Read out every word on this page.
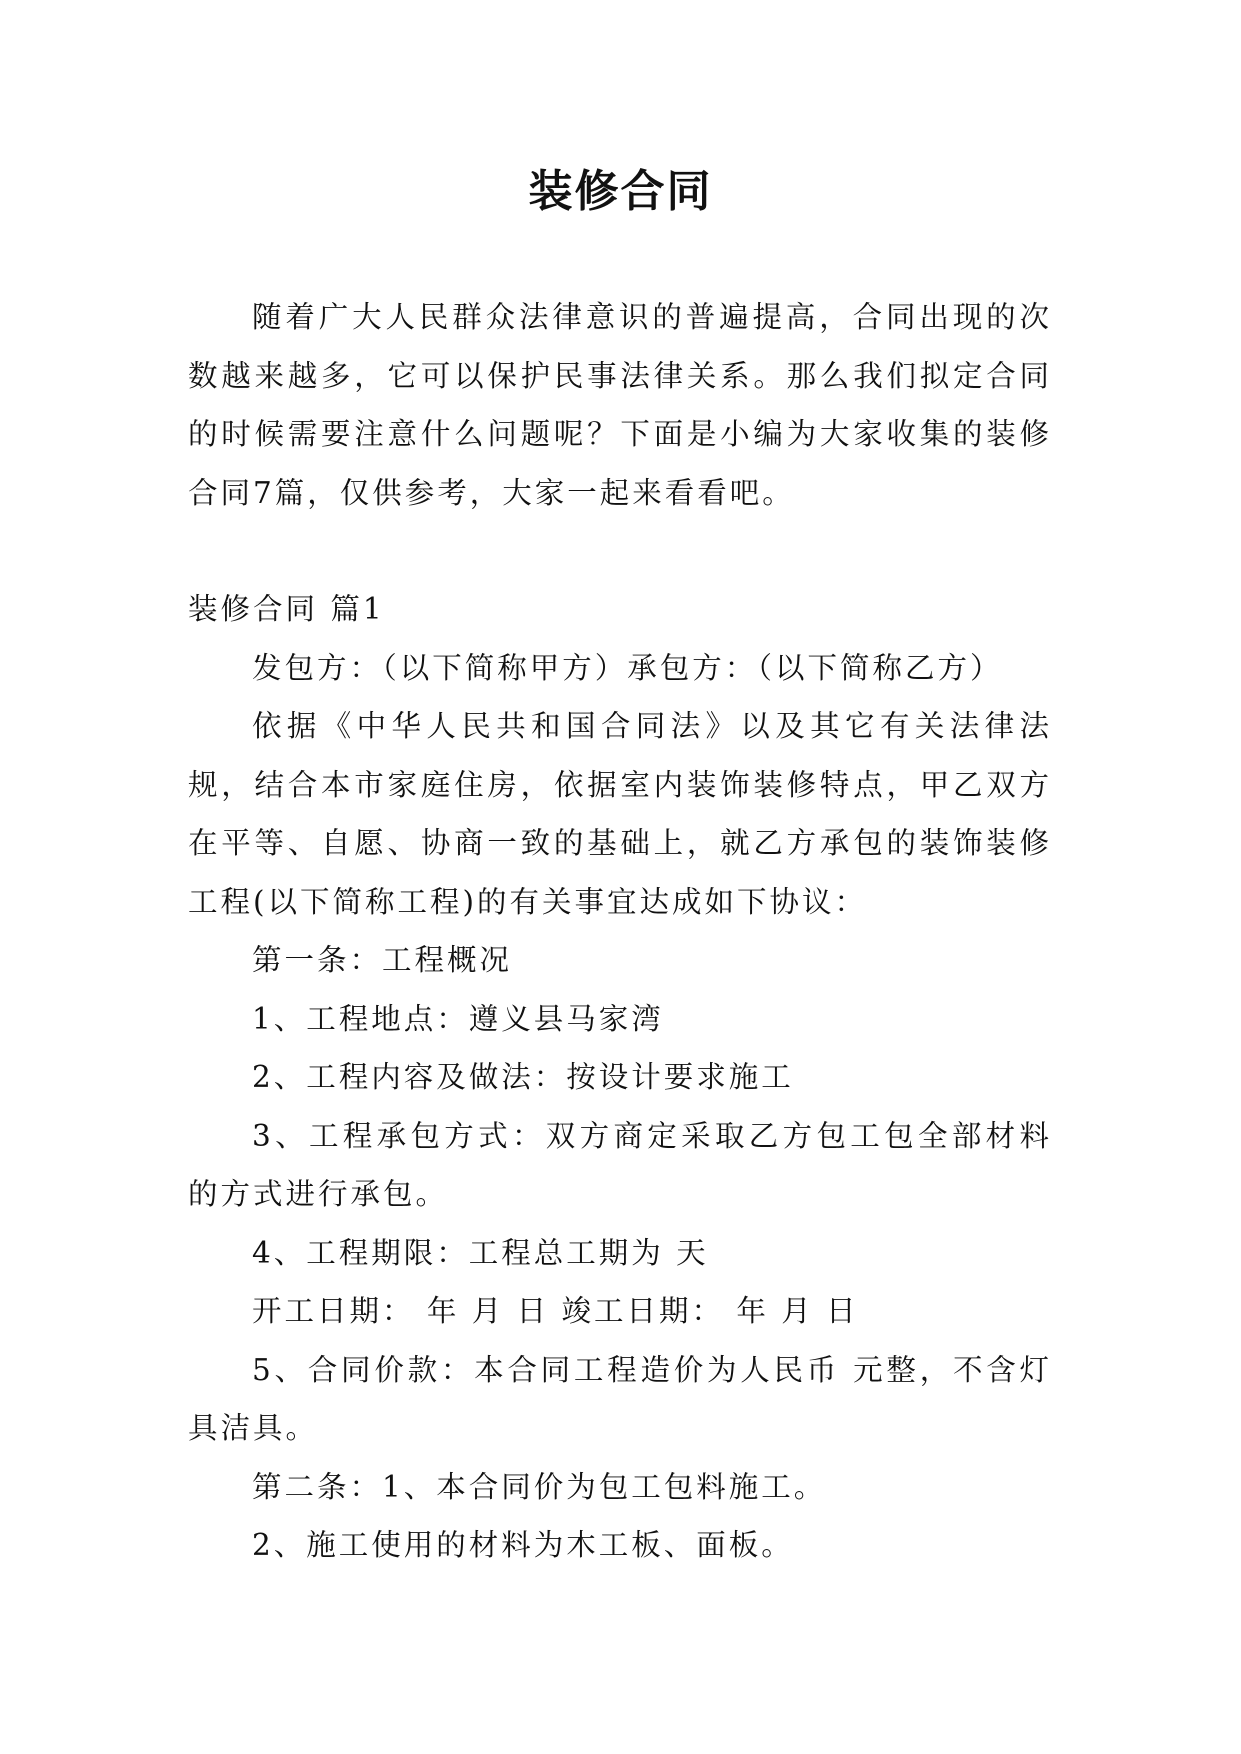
装修合同

随着广大人民群众法律意识的普遍提高，合同出现的次数越来越多，它可以保护民事法律关系。那么我们拟定合同的时候需要注意什么问题呢？下面是小编为大家收集的装修合同7篇，仅供参考，大家一起来看看吧。

装修合同 篇1

发包方：（以下简称甲方）承包方：（以下简称乙方）

依据《中华人民共和国合同法》以及其它有关法律法规，结合本市家庭住房，依据室内装饰装修特点，甲乙双方在平等、自愿、协商一致的基础上，就乙方承包的装饰装修工程(以下简称工程)的有关事宜达成如下协议：

第一条：工程概况

1、工程地点：遵义县马家湾

2、工程内容及做法：按设计要求施工

3、工程承包方式：双方商定采取乙方包工包全部材料的方式进行承包。

4、工程期限：工程总工期为 天

开工日期： 年 月 日 竣工日期： 年 月 日

5、合同价款：本合同工程造价为人民币 元整，不含灯具洁具。

第二条：1、本合同价为包工包料施工。

2、施工使用的材料为木工板、面板。
